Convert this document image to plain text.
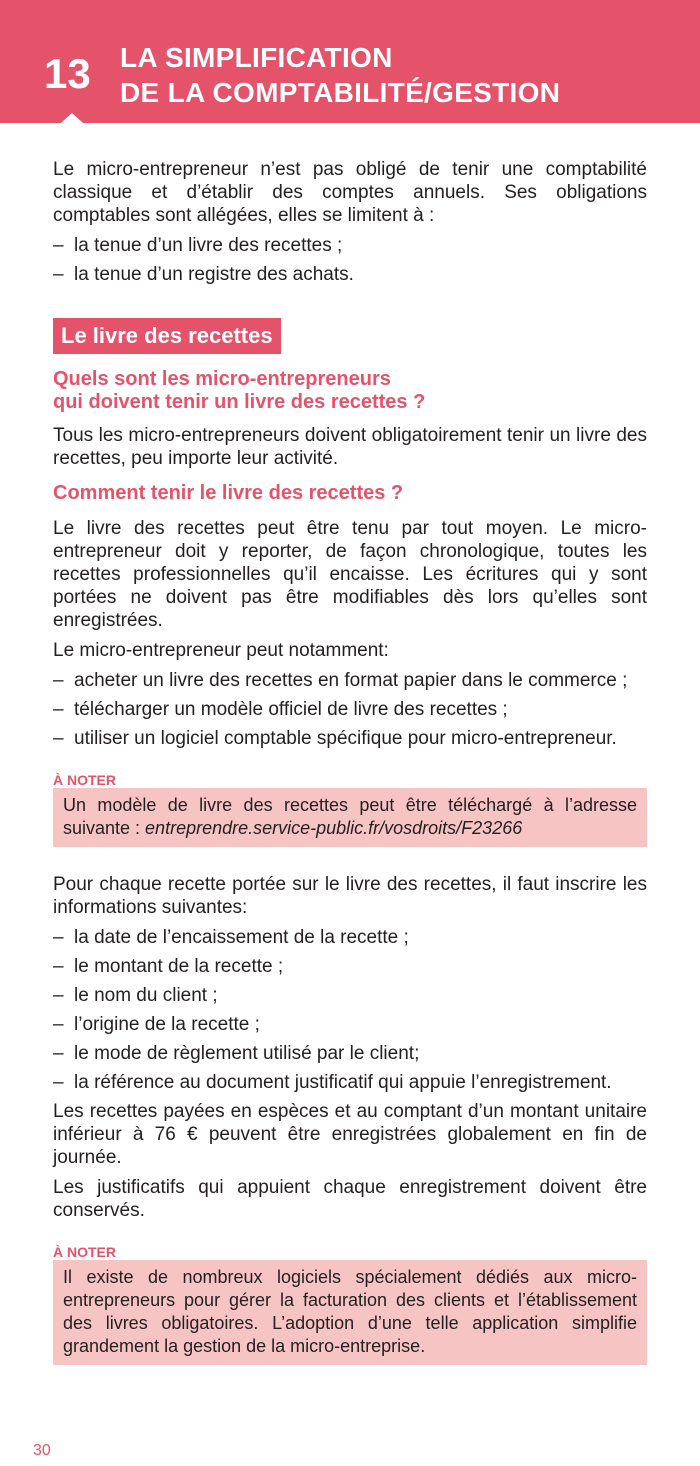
13 LA SIMPLIFICATION
DE LA COMPTABILITÉ/GESTION

Le micro-entrepreneur n’est pas obligé de tenir une comptabilité classique et d’établir des comptes annuels. Ses obligations comptables sont allégées, elles se limitent à :

– la tenue d’un livre des recettes ;
– la tenue d’un registre des achats.
Le livre des recettes
Quels sont les micro-entrepreneurs
qui doivent tenir un livre des recettes ?

Tous les micro-entrepreneurs doivent obligatoirement tenir un livre des recettes, peu importe leur activité.

Comment tenir le livre des recettes ?

Le livre des recettes peut être tenu par tout moyen. Le micro-entrepreneur doit y reporter, de façon chronologique, toutes les recettes professionnelles qu’il encaisse. Les écritures qui y sont portées ne doivent pas être modifiables dès lors qu’elles sont enregistrées.

Le micro-entrepreneur peut notamment:

– acheter un livre des recettes en format papier dans le commerce ;
– télécharger un modèle officiel de livre des recettes ;
– utiliser un logiciel comptable spécifique pour micro-entrepreneur.
À NOTER
Un modèle de livre des recettes peut être téléchargé à l’adresse suivante : entreprendre.service-public.fr/vosdroits/F23266

Pour chaque recette portée sur le livre des recettes, il faut inscrire les informations suivantes:

– la date de l’encaissement de la recette ;
– le montant de la recette ;
– le nom du client ;
– l’origine de la recette ;
– le mode de règlement utilisé par le client;
– la référence au document justificatif qui appuie l’enregistrement.

Les recettes payées en espèces et au comptant d’un montant unitaire inférieur à 76 € peuvent être enregistrées globalement en fin de journée.

Les justificatifs qui appuient chaque enregistrement doivent être conservés.

À NOTER
Il existe de nombreux logiciels spécialement dédiés aux micro-entrepreneurs pour gérer la facturation des clients et l’établissement des livres obligatoires. L’adoption d’une telle application simplifie grandement la gestion de la micro-entreprise.
30
